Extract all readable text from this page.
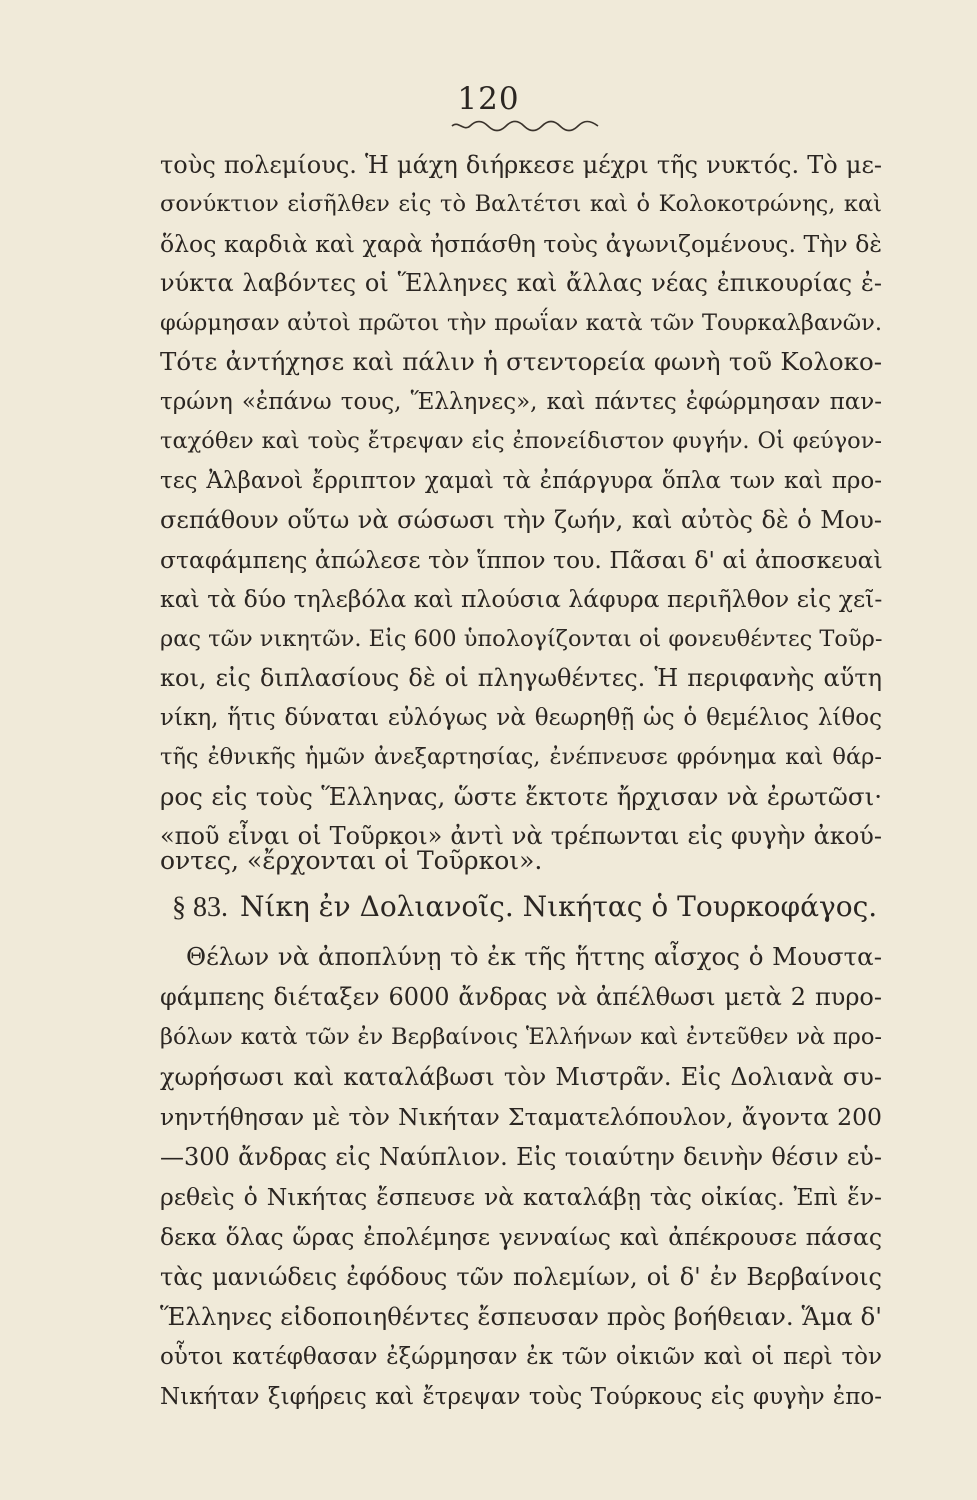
120
τοὺς πολεμίους. Ἡ μάχη διήρκεσε μέχρι τῆς νυκτός. Τὸ με-
σονύκτιον εἰσῆλθεν εἰς τὸ Βαλτέτσι καὶ ὁ Κολοκοτρώνης, καὶ
ὅλος καρδιὰ καὶ χαρὰ ἠσπάσθη τοὺς ἀγωνιζομένους. Τὴν δὲ
νύκτα λαβόντες οἱ Ἕλληνες καὶ ἄλλας νέας ἐπικουρίας ἐ-
φώρμησαν αὐτοὶ πρῶτοι τὴν πρωΐαν κατὰ τῶν Τουρκαλβανῶν.
Τότε ἀντήχησε καὶ πάλιν ἡ στεντορεία φωνὴ τοῦ Κολοκο-
τρώνη «ἐπάνω τους, Ἕλληνες», καὶ πάντες ἐφώρμησαν παν-
ταχόθεν καὶ τοὺς ἔτρεψαν εἰς ἐπονείδιστον φυγήν. Οἱ φεύγον-
τες Ἀλβανοὶ ἔρριπτον χαμαὶ τὰ ἐπάργυρα ὅπλα των καὶ προ-
σεπάθουν οὕτω νὰ σώσωσι τὴν ζωήν, καὶ αὐτὸς δὲ ὁ Μου-
σταφάμπεης ἀπώλεσε τὸν ἵππον του. Πᾶσαι δ' αἱ ἀποσκευαὶ
καὶ τὰ δύο τηλεβόλα καὶ πλούσια λάφυρα περιῆλθον εἰς χεῖ-
ρας τῶν νικητῶν. Εἰς 600 ὑπολογίζονται οἱ φονευθέντες Τοῦρ-
κοι, εἰς διπλασίους δὲ οἱ πληγωθέντες. Ἡ περιφανὴς αὕτη
νίκη, ἥτις δύναται εὐλόγως νὰ θεωρηθῇ ὡς ὁ θεμέλιος λίθος
τῆς ἐθνικῆς ἡμῶν ἀνεξαρτησίας, ἐνέπνευσε φρόνημα καὶ θάρ-
ρος εἰς τοὺς Ἕλληνας, ὥστε ἔκτοτε ἤρχισαν νὰ ἐρωτῶσι·
«ποῦ εἶναι οἱ Τοῦρκοι» ἀντὶ νὰ τρέπωνται εἰς φυγὴν ἀκού-
οντες, «ἔρχονται οἱ Τοῦρκοι».
§ 83. Νίκη ἐν Δολιανοῖς. Νικήτας ὁ Τουρκοφάγος.
Θέλων νὰ ἀποπλύνῃ τὸ ἐκ τῆς ἥττης αἶσχος ὁ Μουστα-
φάμπεης διέταξεν 6000 ἄνδρας νὰ ἀπέλθωσι μετὰ 2 πυρο-
βόλων κατὰ τῶν ἐν Βερβαίνοις Ἑλλήνων καὶ ἐντεῦθεν νὰ προ-
χωρήσωσι καὶ καταλάβωσι τὸν Μιστρᾶν. Εἰς Δολιανὰ συ-
νηντήθησαν μὲ τὸν Νικήταν Σταματελόπουλον, ἄγοντα 200
—300 ἄνδρας εἰς Ναύπλιον. Εἰς τοιαύτην δεινὴν θέσιν εὑ-
ρεθεὶς ὁ Νικήτας ἔσπευσε νὰ καταλάβῃ τὰς οἰκίας. Ἐπὶ ἕν-
δεκα ὅλας ὥρας ἐπολέμησε γενναίως καὶ ἀπέκρουσε πάσας
τὰς μανιώδεις ἐφόδους τῶν πολεμίων, οἱ δ' ἐν Βερβαίνοις
Ἕλληνες εἰδοποιηθέντες ἔσπευσαν πρὸς βοήθειαν. Ἅμα δ'
οὗτοι κατέφθασαν ἐξώρμησαν ἐκ τῶν οἰκιῶν καὶ οἱ περὶ τὸν
Νικήταν ξιφήρεις καὶ ἔτρεψαν τοὺς Τούρκους εἰς φυγὴν ἐπο-
